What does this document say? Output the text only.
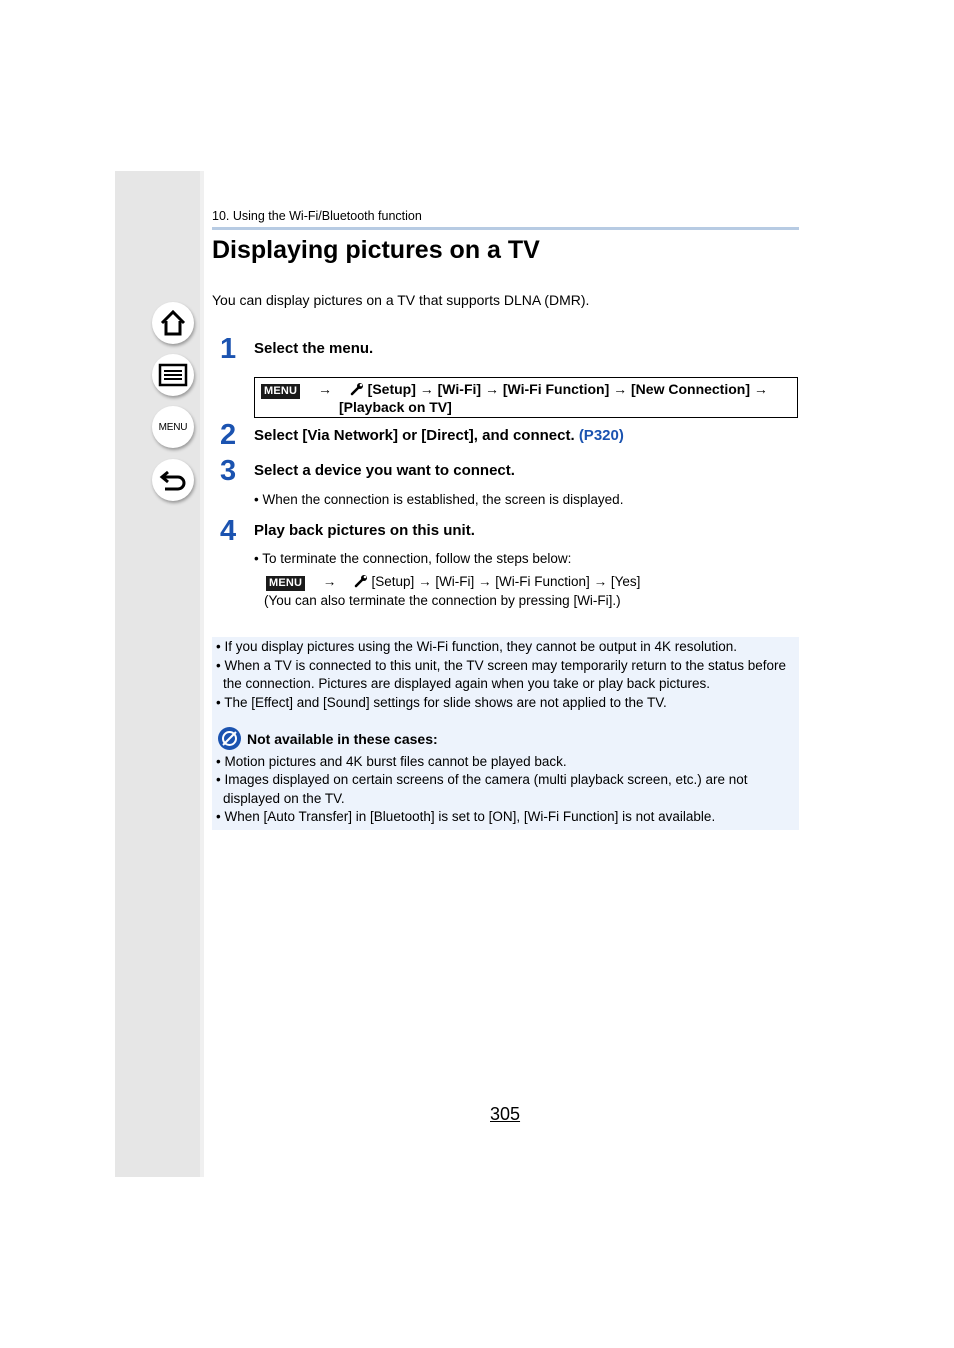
MENU
10. Using the Wi-Fi/Bluetooth function
Displaying pictures on a TV
You can display pictures on a TV that supports DLNA (DMR).
1 Select the menu.
MENU →	[Setup] → [Wi-Fi] → [Wi-Fi Function] → [New Connection] →
[Playback on TV]
2 Select [Via Network] or [Direct], and connect. (P320)
3 Select a device you want to connect.
• When the connection is established, the screen is displayed.
4 Play back pictures on this unit.
• To terminate the connection, follow the steps below:
MENU →	[Setup] → [Wi-Fi] → [Wi-Fi Function] → [Yes]
(You can also terminate the connection by pressing [Wi-Fi].)
• If you display pictures using the Wi-Fi function, they cannot be output in 4K resolution.
• When a TV is connected to this unit, the TV screen may temporarily return to the status before
the connection. Pictures are displayed again when you take or play back pictures.
• The [Effect] and [Sound] settings for slide shows are not applied to the TV.
Not available in these cases:
• Motion pictures and 4K burst files cannot be played back.
• Images displayed on certain screens of the camera (multi playback screen, etc.) are not
displayed on the TV.
• When [Auto Transfer] in [Bluetooth] is set to [ON], [Wi-Fi Function] is not available.
305
